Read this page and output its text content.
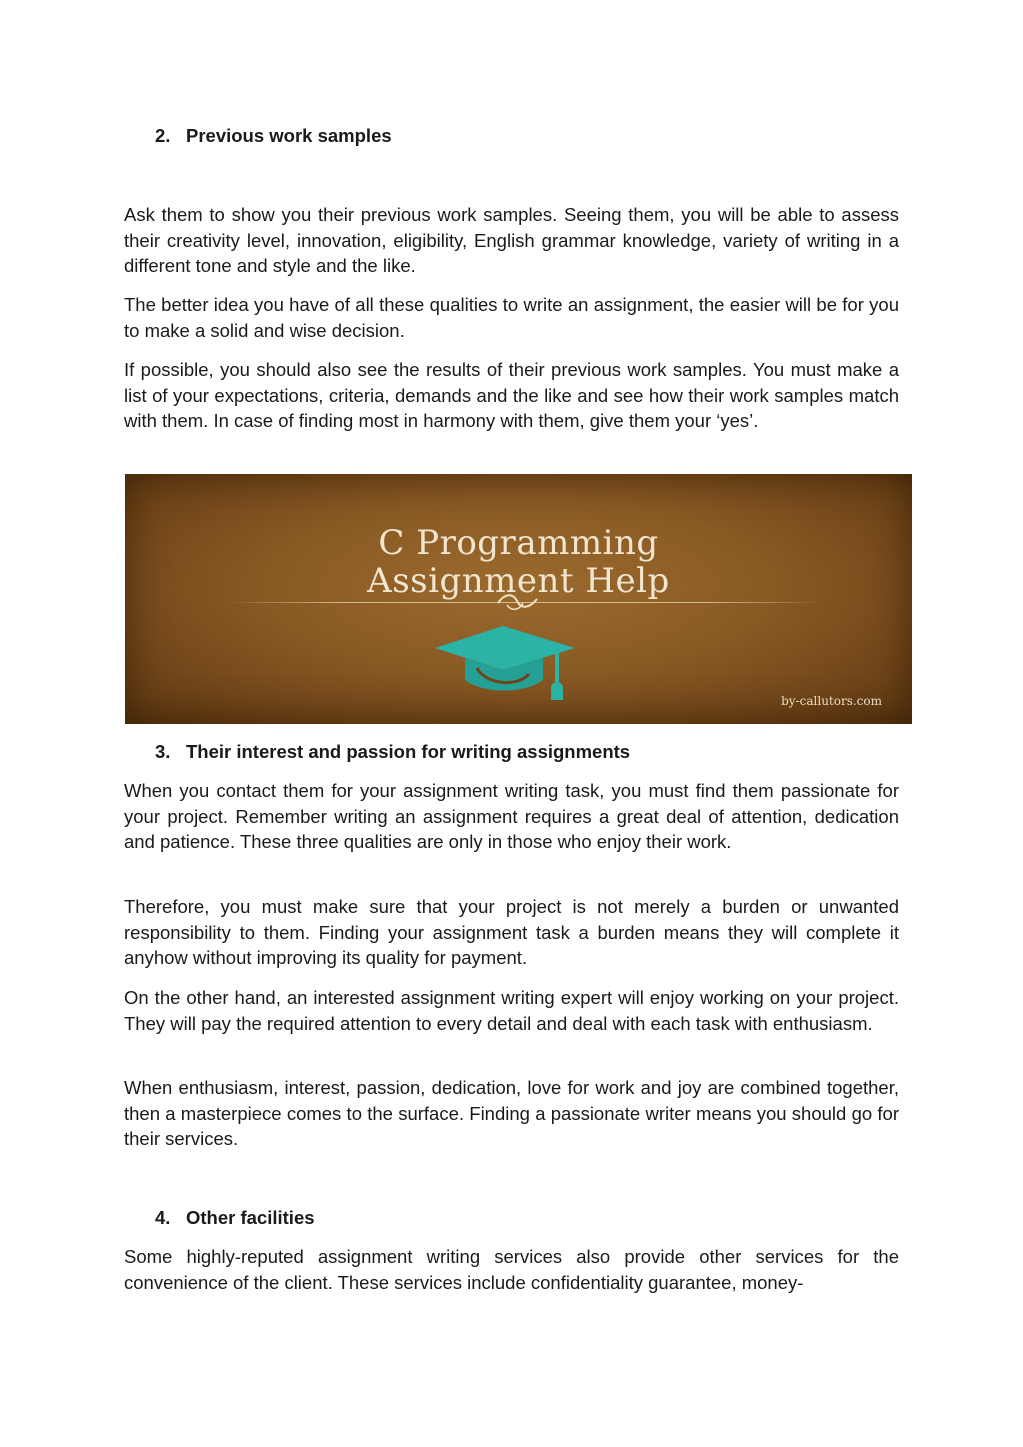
2. Previous work samples

Ask them to show you their previous work samples. Seeing them, you will be able to assess their creativity level, innovation, eligibility, English grammar knowledge, variety of writing in a different tone and style and the like.

The better idea you have of all these qualities to write an assignment, the easier will be for you to make a solid and wise decision.

If possible, you should also see the results of their previous work samples. You must make a list of your expectations, criteria, demands and the like and see how their work samples match with them. In case of finding most in harmony with them, give them your ‘yes’.

C Programming
Assignment Help
by-callutors.com
3. Their interest and passion for writing assignments

When you contact them for your assignment writing task, you must find them passionate for your project. Remember writing an assignment requires a great deal of attention, dedication and patience. These three qualities are only in those who enjoy their work.

Therefore, you must make sure that your project is not merely a burden or unwanted responsibility to them. Finding your assignment task a burden means they will complete it anyhow without improving its quality for payment.

On the other hand, an interested assignment writing expert will enjoy working on your project. They will pay the required attention to every detail and deal with each task with enthusiasm.

When enthusiasm, interest, passion, dedication, love for work and joy are combined together, then a masterpiece comes to the surface. Finding a passionate writer means you should go for their services.

4. Other facilities

Some highly-reputed assignment writing services also provide other services for the convenience of the client. These services include confidentiality guarantee, money-
